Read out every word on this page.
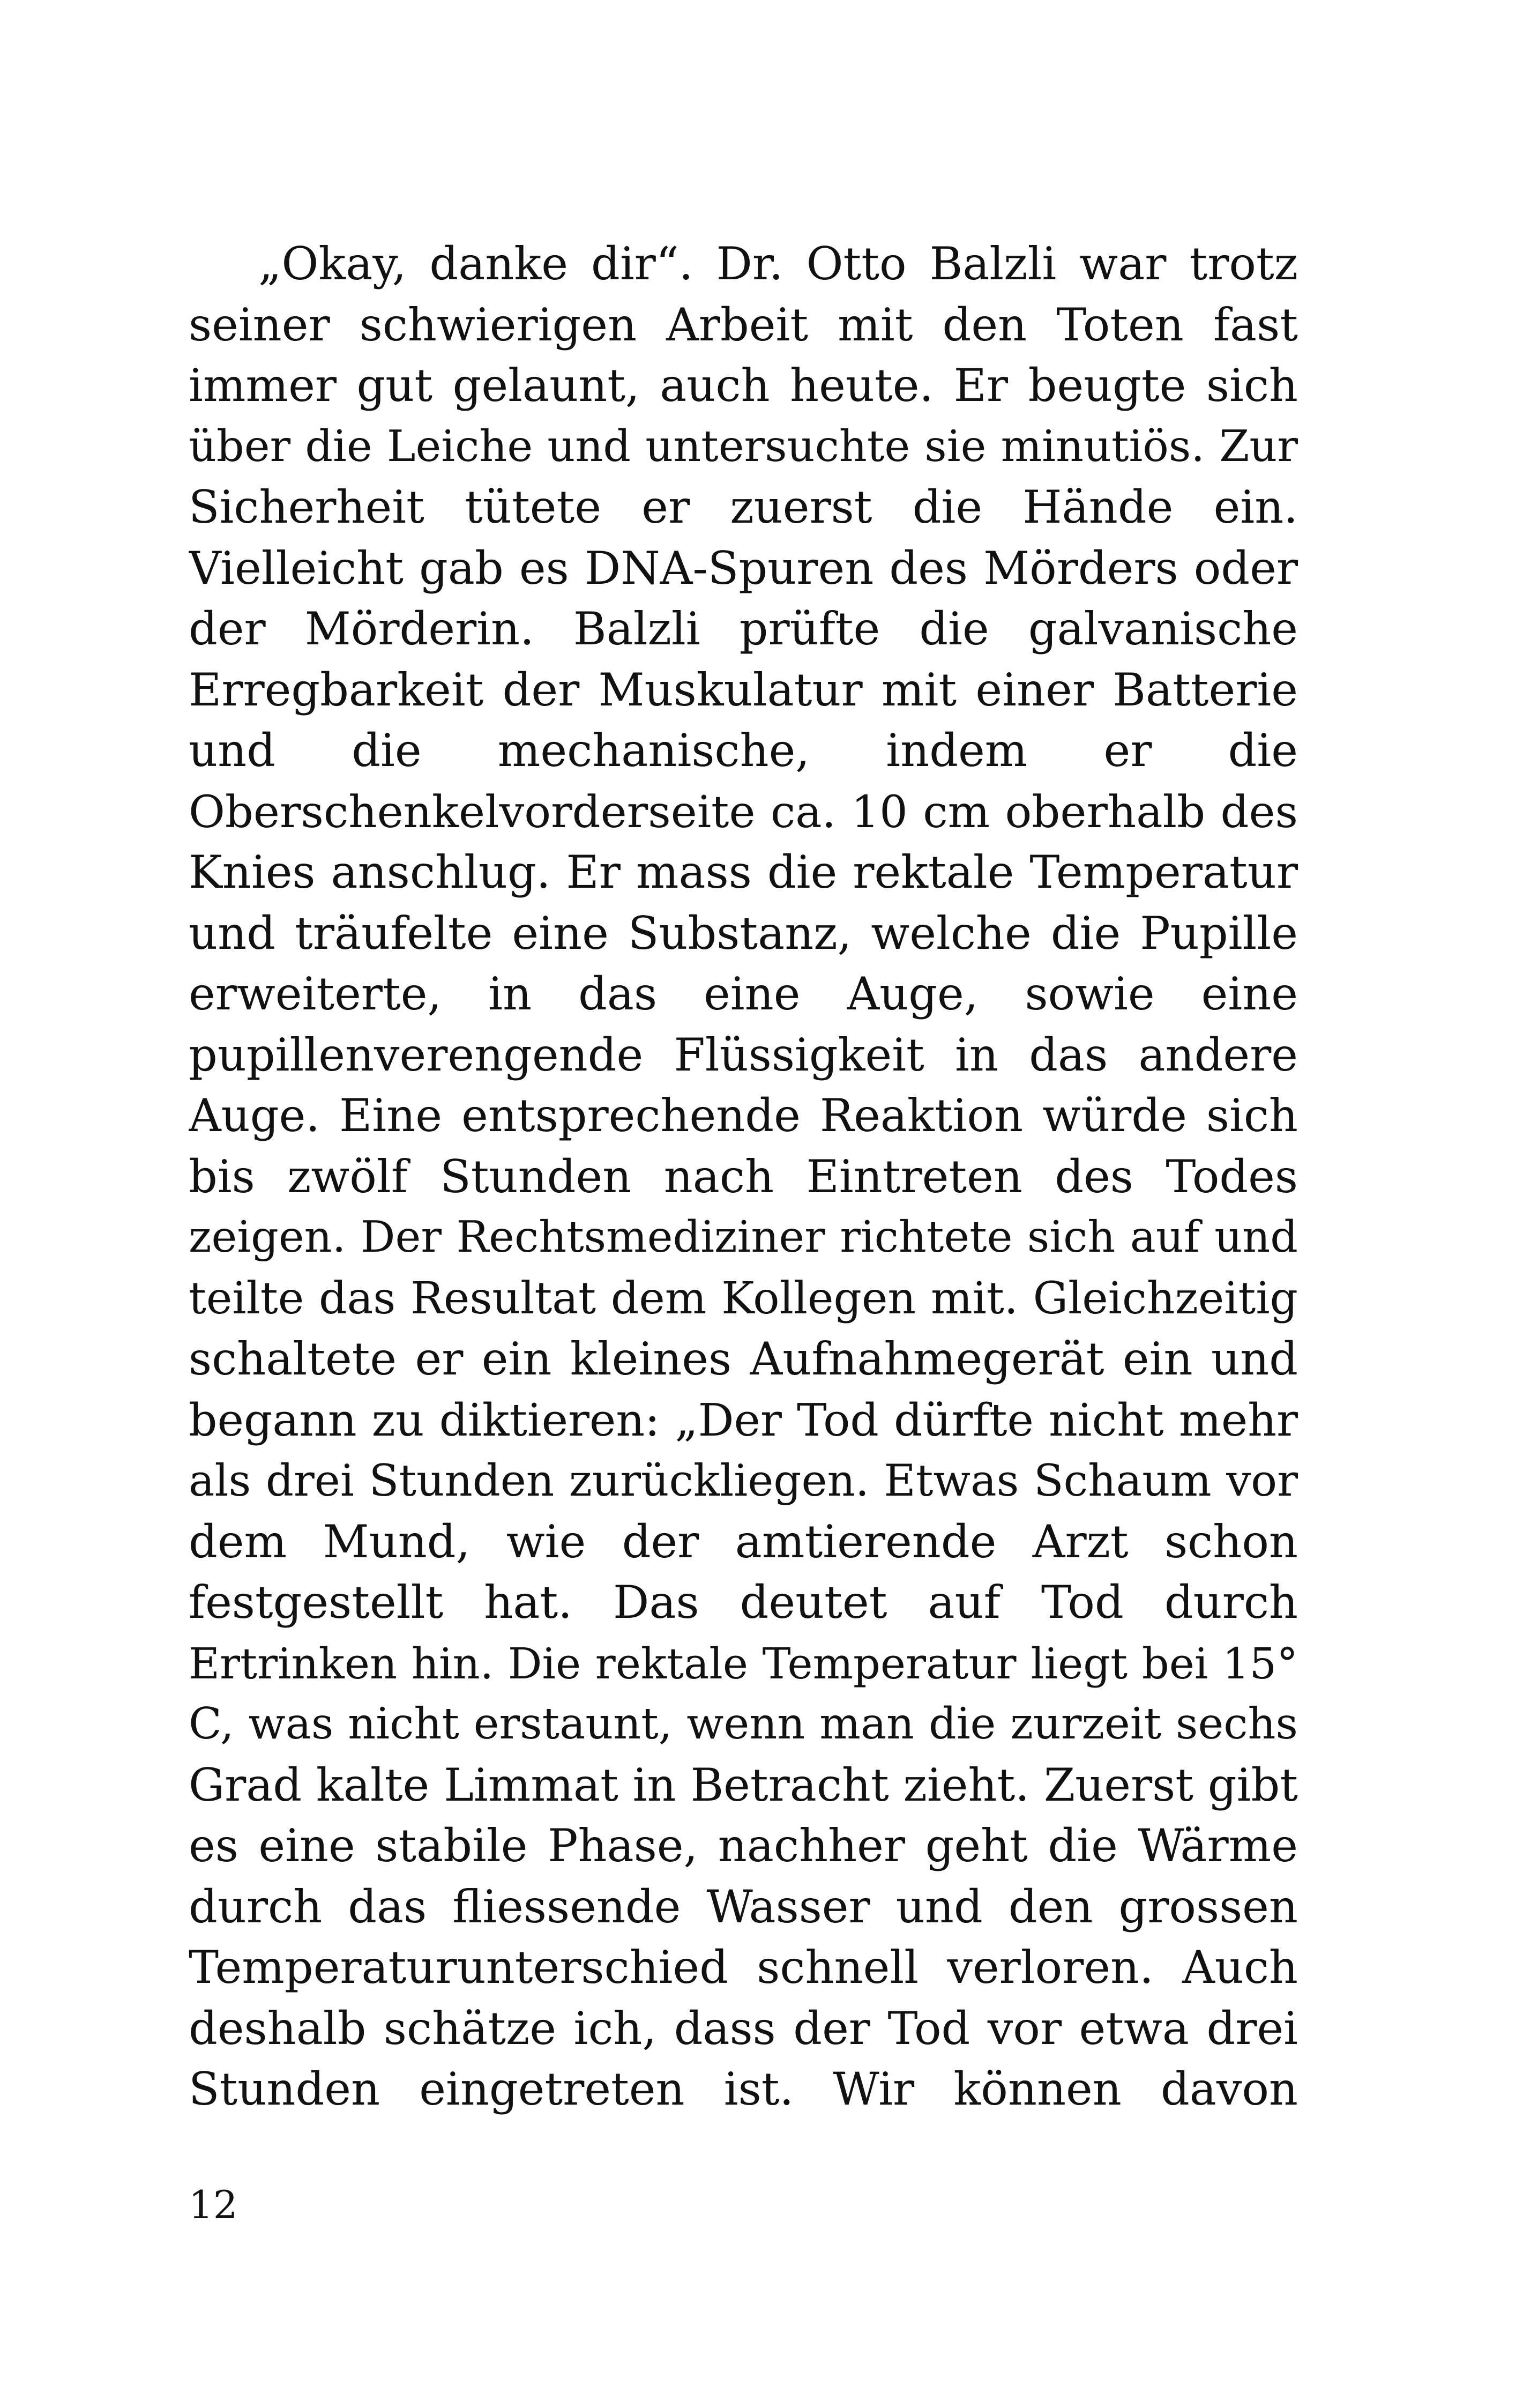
„Okay, danke dir“. Dr. Otto Balzli war trotz
seiner schwierigen Arbeit mit den Toten fast
immer gut gelaunt, auch heute. Er beugte sich
über die Leiche und untersuchte sie minutiös. Zur
Sicherheit tütete er zuerst die Hände ein.
Vielleicht gab es DNA-Spuren des Mörders oder
der Mörderin. Balzli prüfte die galvanische
Erregbarkeit der Muskulatur mit einer Batterie
und die mechanische, indem er die
Oberschenkelvorderseite ca. 10 cm oberhalb des
Knies anschlug. Er mass die rektale Temperatur
und träufelte eine Substanz, welche die Pupille
erweiterte, in das eine Auge, sowie eine
pupillenverengende Flüssigkeit in das andere
Auge. Eine entsprechende Reaktion würde sich
bis zwölf Stunden nach Eintreten des Todes
zeigen. Der Rechtsmediziner richtete sich auf und
teilte das Resultat dem Kollegen mit. Gleichzeitig
schaltete er ein kleines Aufnahmegerät ein und
begann zu diktieren: „Der Tod dürfte nicht mehr
als drei Stunden zurückliegen. Etwas Schaum vor
dem Mund, wie der amtierende Arzt schon
festgestellt hat. Das deutet auf Tod durch
Ertrinken hin. Die rektale Temperatur liegt bei 15°
C, was nicht erstaunt, wenn man die zurzeit sechs
Grad kalte Limmat in Betracht zieht. Zuerst gibt
es eine stabile Phase, nachher geht die Wärme
durch das fliessende Wasser und den grossen
Temperaturunterschied schnell verloren. Auch
deshalb schätze ich, dass der Tod vor etwa drei
Stunden eingetreten ist. Wir können davon
12
